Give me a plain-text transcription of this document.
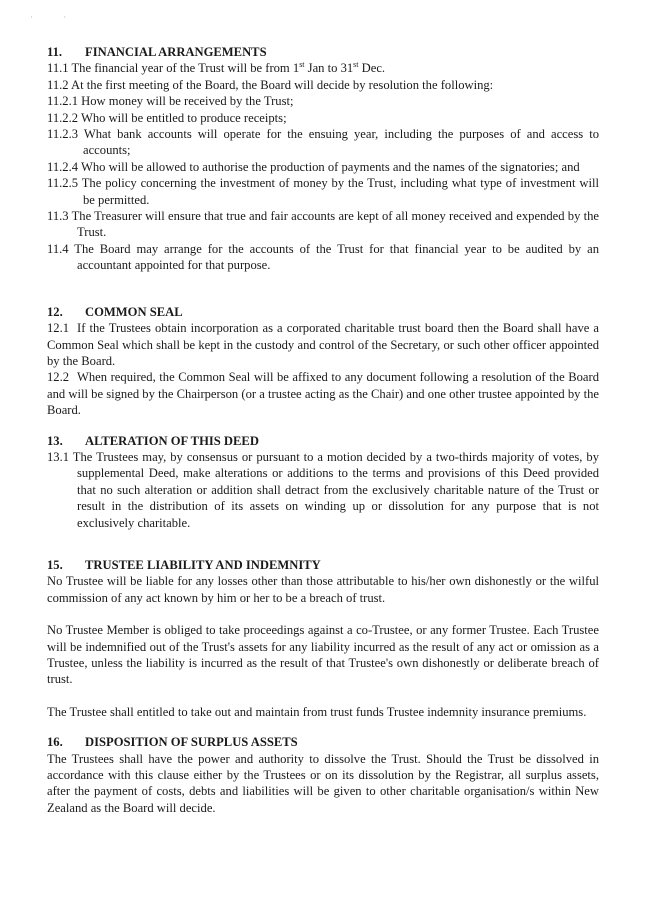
· ·

11. FINANCIAL ARRANGEMENTS

11.1 The financial year of the Trust will be from 1st Jan to 31st Dec.
11.2 At the first meeting of the Board, the Board will decide by resolution the following:
11.2.1 How money will be received by the Trust;
11.2.2 Who will be entitled to produce receipts;
11.2.3 What bank accounts will operate for the ensuing year, including the purposes of and access to accounts;
11.2.4 Who will be allowed to authorise the production of payments and the names of the signatories; and
11.2.5 The policy concerning the investment of money by the Trust, including what type of investment will be permitted.
11.3 The Treasurer will ensure that true and fair accounts are kept of all money received and expended by the Trust.
11.4 The Board may arrange for the accounts of the Trust for that financial year to be audited by an accountant appointed for that purpose.

12. COMMON SEAL

12.1 If the Trustees obtain incorporation as a corporated charitable trust board then the Board shall have a Common Seal which shall be kept in the custody and control of the Secretary, or such other officer appointed by the Board.
12.2 When required, the Common Seal will be affixed to any document following a resolution of the Board and will be signed by the Chairperson (or a trustee acting as the Chair) and one other trustee appointed by the Board.

13. ALTERATION OF THIS DEED

13.1 The Trustees may, by consensus or pursuant to a motion decided by a two-thirds majority of votes, by supplemental Deed, make alterations or additions to the terms and provisions of this Deed provided that no such alteration or addition shall detract from the exclusively charitable nature of the Trust or result in the distribution of its assets on winding up or dissolution for any purpose that is not exclusively charitable.

15. TRUSTEE LIABILITY AND INDEMNITY

No Trustee will be liable for any losses other than those attributable to his/her own dishonestly or the wilful commission of any act known by him or her to be a breach of trust.
No Trustee Member is obliged to take proceedings against a co-Trustee, or any former Trustee. Each Trustee will be indemnified out of the Trust's assets for any liability incurred as the result of any act or omission as a Trustee, unless the liability is incurred as the result of that Trustee's own dishonestly or deliberate breach of trust.
The Trustee shall entitled to take out and maintain from trust funds Trustee indemnity insurance premiums.

16. DISPOSITION OF SURPLUS ASSETS

The Trustees shall have the power and authority to dissolve the Trust. Should the Trust be dissolved in accordance with this clause either by the Trustees or on its dissolution by the Registrar, all surplus assets, after the payment of costs, debts and liabilities will be given to other charitable organisation/s within New Zealand as the Board will decide.
